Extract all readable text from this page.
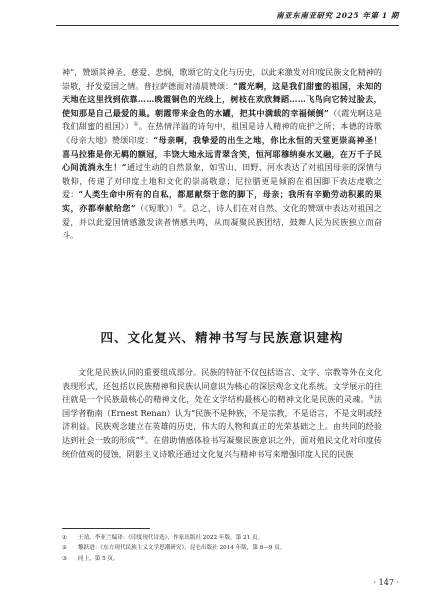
南亚东南亚研究 2025 年第 1 期

神”，赞颂其神圣、慈爱、悲悯，歌颂它的文化与历史，以此来激发对印度民族文化精神的崇敬，抒发爱国之情。普拉萨德面对清晨赞颂：“霞光啊，这是我们甜蜜的祖国，未知的天地在这里找到依靠……晚霞铜色的光线上，树枝在欢欣舞蹈……飞鸟向它转过脸去，使知那是自己最爱的巢。朝霞带来金色的水罐，把其中满载的幸福倾倒”（《霞光啊这是我们甜蜜的祖国》）①。在热情洋溢的诗句中，祖国是诗人精神的庇护之所；本德的诗歌《母亲大地》赞颂印度：“母亲啊，我挚爱的出生之地，你比永恒的天堂更崇高神圣！喜马拉雅是你无羁的额冠，丰饶大地永远青翠含笑，恒河耶穆纳奏水叉融，在万千子民心间流淌永生！”通过生动的自然景象，如雪山、田野、河水表达了对祖国母亲的深情与敬仰，传递了对印度土地和文化的崇高敬意；尼拉腊更是倾韵在祖国脚下表达虔敬之爱：“人类生命中所有的自私，都愿献祭于您的脚下，母亲；我所有辛勤劳动积累的果实，亦都奉献给您”（《短歌》）②。总之，诗人们在对自然、文化的赞颂中表达对祖国之爱，并以此爱国情感激发读者情感共鸣，从而凝聚民族团结，鼓舞人民为民族独立而奋斗。

四、文化复兴、精神书写与民族意识建构

文化是民族认同的重要组成部分。民族的特征不仅包括语言、文字、宗教等外在文化表现形式，还包括以民族精神和民族认同意识为核心的深层观念文化系统。文学展示的往往就是一个民族最核心的精神文化，处在文学结构最核心的精神文化是民族的灵魂。③法国学者勒南（Ernest Renan）认为“民族不是种族，不是宗教，不是语言，不是文明或经济利益。民族观念建立在英雄的历史，伟大的人物和真正的光荣基础之上。由共同的经验达到社会一致的形成”④。在借助情感体验书写凝聚民族意识之外，面对殖民文化对印度传统价值观的侵蚀，阴影主义诗歌还通过文化复兴与精神书写来增强印度人民的民族

①	王靖、李亚兰编译：《印度现代诗选》，作家出版社 2022 年版，第 21 页。
②	黎跃进：《东方现代民族主义文学思潮研究》，昆仑出版社 2014 年版，第 8—9 页。
③	同上，第 5 页。
· 147 ·
